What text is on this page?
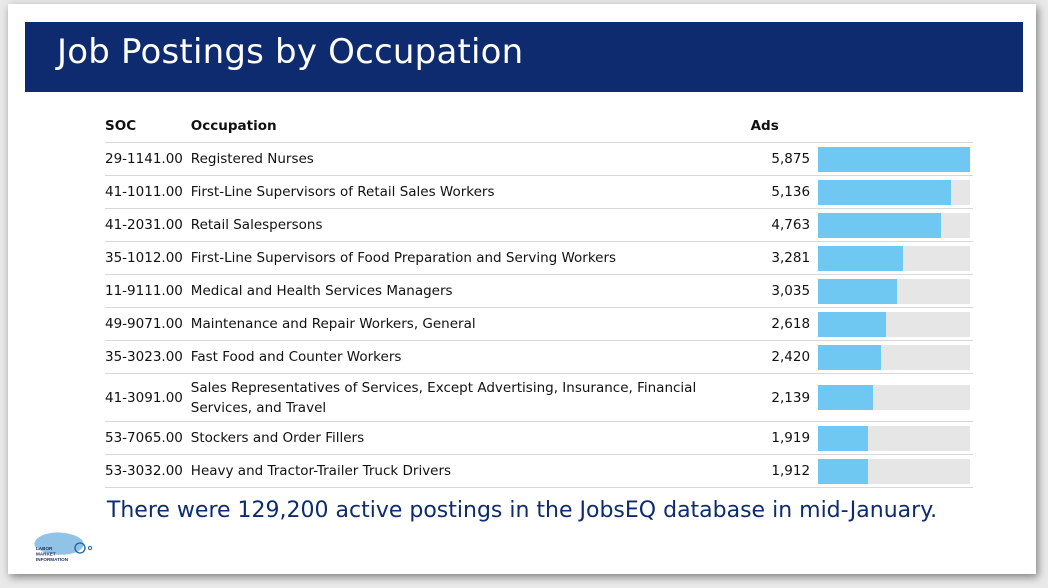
Job Postings by Occupation
SOC	Occupation	Ads	
29-1141.00	Registered Nurses	5,875	

41-1011.00	First-Line Supervisors of Retail Sales Workers	5,136	

41-2031.00	Retail Salespersons	4,763	

35-1012.00	First-Line Supervisors of Food Preparation and Serving Workers	3,281	

11-9111.00	Medical and Health Services Managers	3,035	

49-9071.00	Maintenance and Repair Workers, General	2,618	

35-3023.00	Fast Food and Counter Workers	2,420	

41-3091.00	Sales Representatives of Services, Except Advertising, Insurance, Financial Services, and Travel	2,139	

53-7065.00	Stockers and Order Fillers	1,919	

53-3032.00	Heavy and Tractor-Trailer Truck Drivers	1,912	
There were 129,200 active postings in the JobsEQ database in mid-January.
LABOR
MARKET
INFORMATION
